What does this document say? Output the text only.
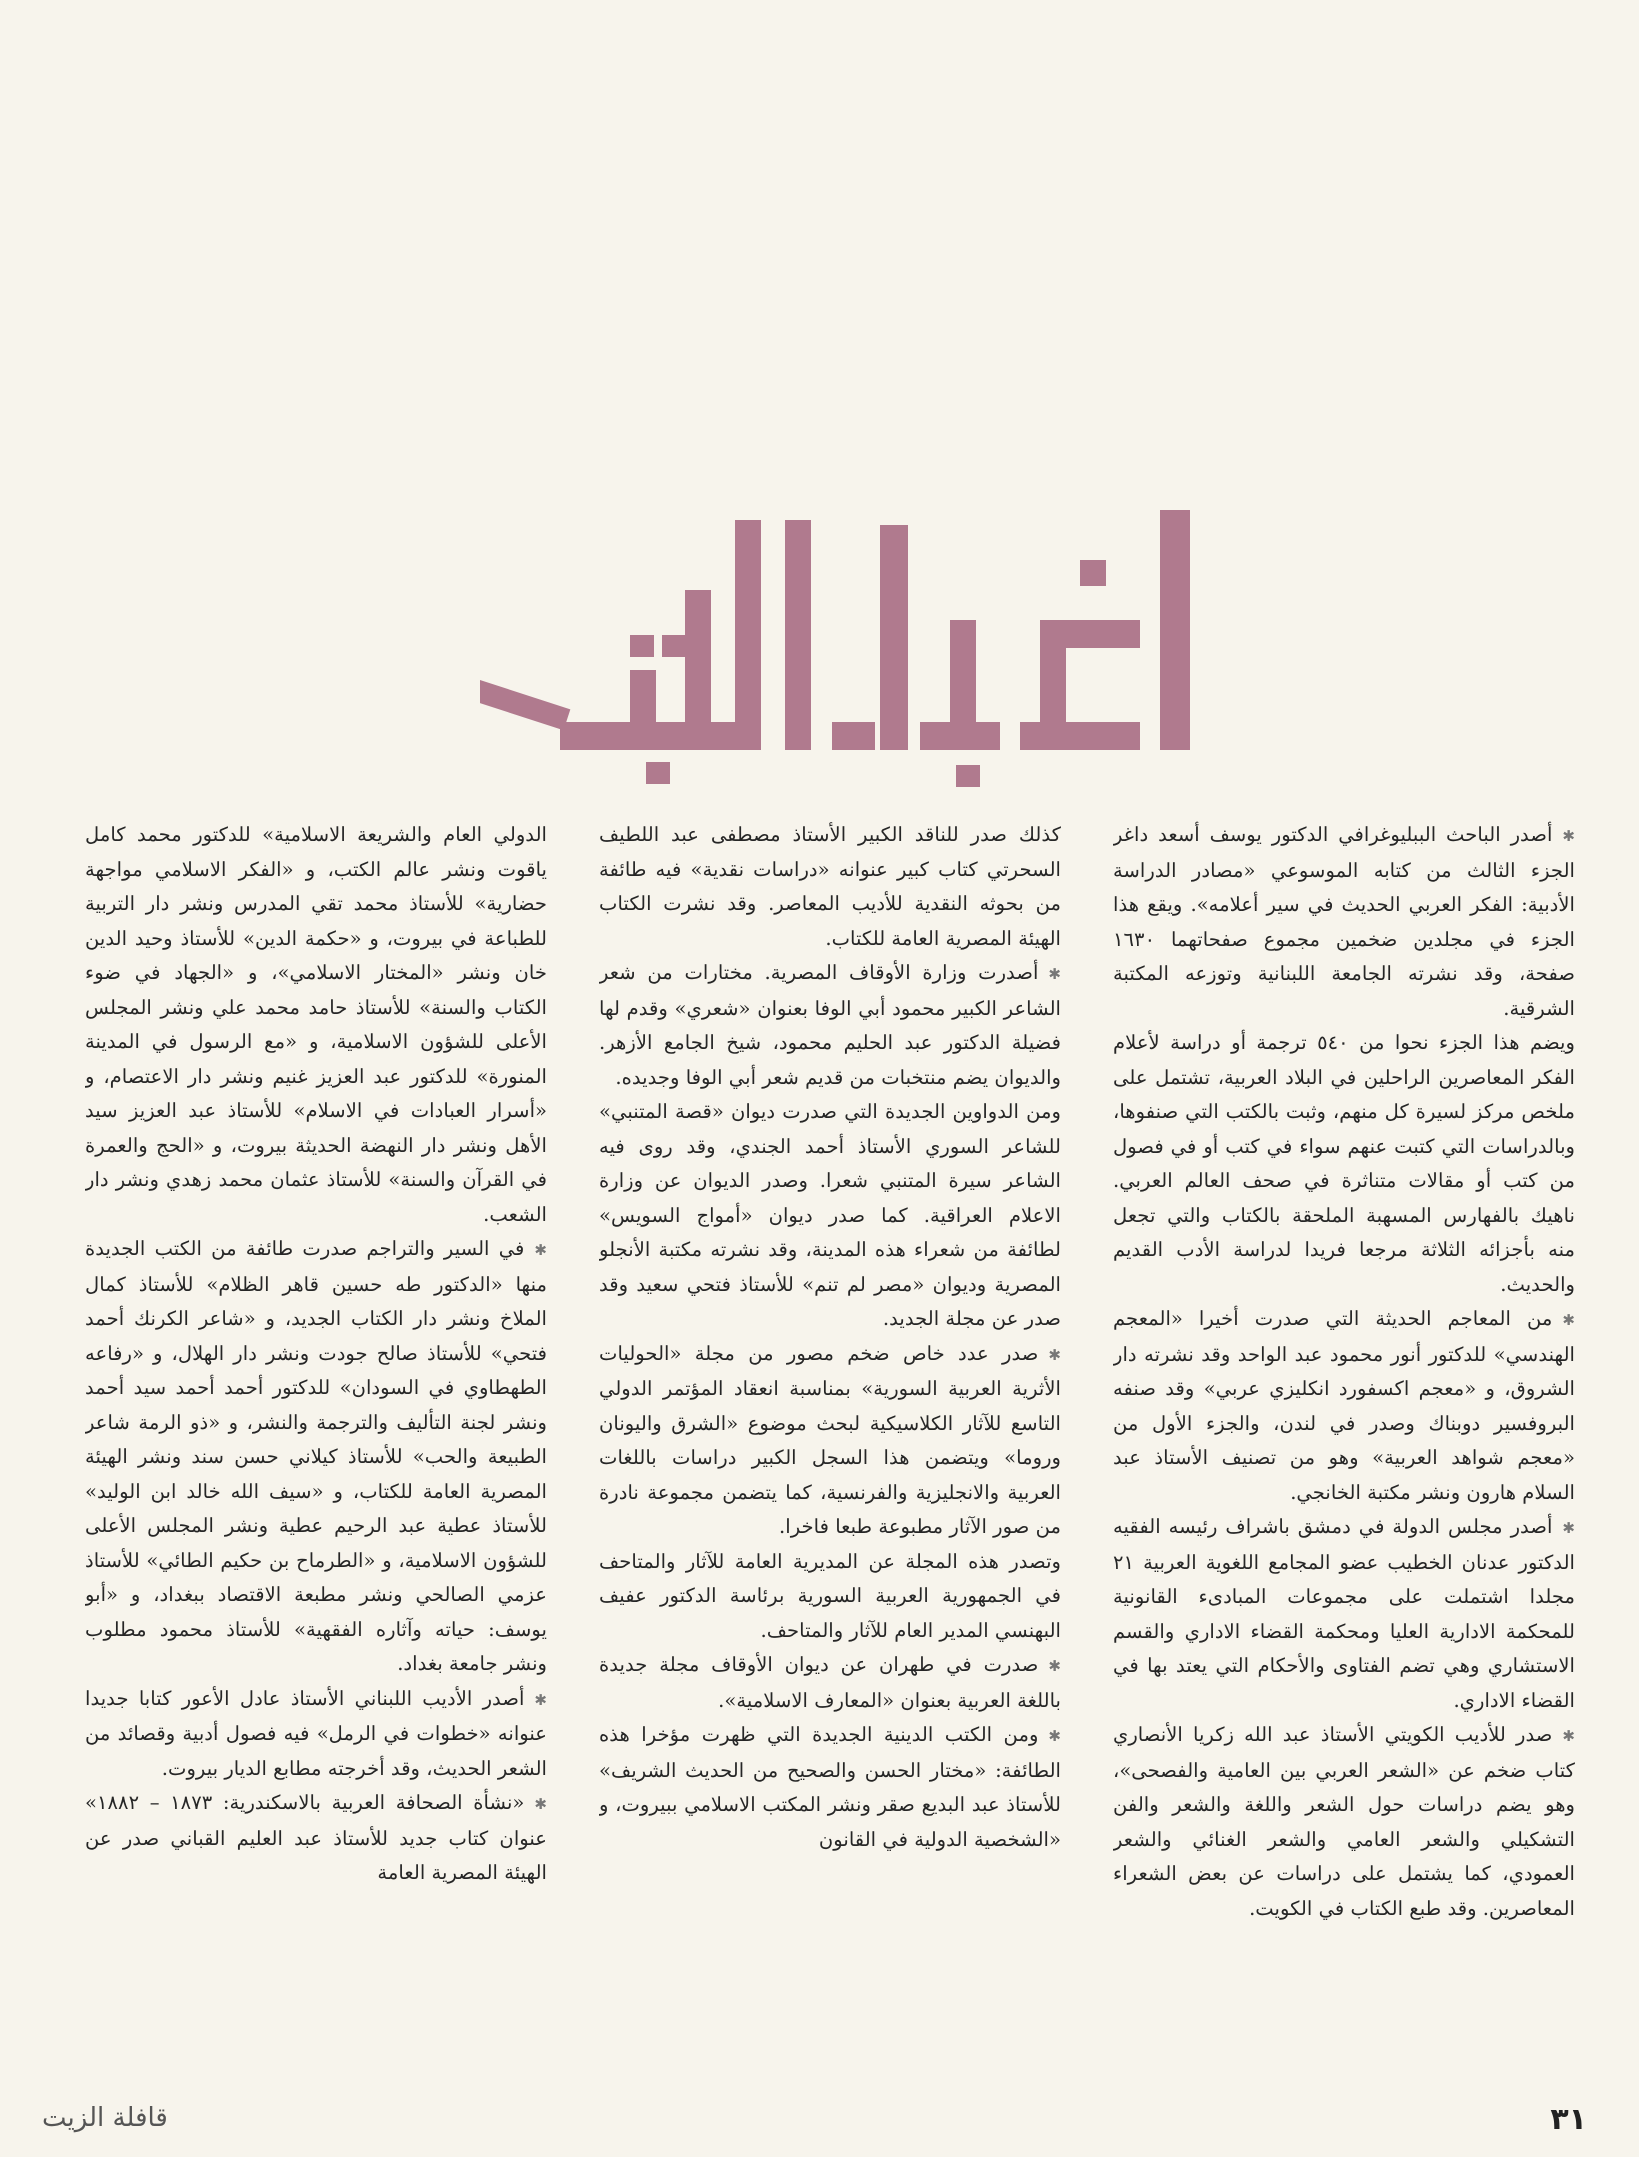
✱أصدر الباحث الببليوغرافي الدكتور يوسف أسعد داغر الجزء الثالث من كتابه الموسوعي «مصادر الدراسة الأدبية: الفكر العربي الحديث في سير أعلامه». ويقع هذا الجزء في مجلدين ضخمين مجموع صفحاتهما ١٦٣٠ صفحة، وقد نشرته الجامعة اللبنانية وتوزعه المكتبة الشرقية.

ويضم هذا الجزء نحوا من ٥٤٠ ترجمة أو دراسة لأعلام الفكر المعاصرين الراحلين في البلاد العربية، تشتمل على ملخص مركز لسيرة كل منهم، وثبت بالكتب التي صنفوها، وبالدراسات التي كتبت عنهم سواء في كتب أو في فصول من كتب أو مقالات متناثرة في صحف العالم العربي. ناهيك بالفهارس المسهبة الملحقة بالكتاب والتي تجعل منه بأجزائه الثلاثة مرجعا فريدا لدراسة الأدب القديم والحديث.

✱من المعاجم الحديثة التي صدرت أخيرا «المعجم الهندسي» للدكتور أنور محمود عبد الواحد وقد نشرته دار الشروق، و «معجم اكسفورد انكليزي عربي» وقد صنفه البروفسير دوبناك وصدر في لندن، والجزء الأول من «معجم شواهد العربية» وهو من تصنيف الأستاذ عبد السلام هارون ونشر مكتبة الخانجي.

✱أصدر مجلس الدولة في دمشق باشراف رئيسه الفقيه الدكتور عدنان الخطيب عضو المجامع اللغوية العربية ٢١ مجلدا اشتملت على مجموعات المبادىء القانونية للمحكمة الادارية العليا ومحكمة القضاء الاداري والقسم الاستشاري وهي تضم الفتاوى والأحكام التي يعتد بها في القضاء الاداري.

✱صدر للأديب الكويتي الأستاذ عبد الله زكريا الأنصاري كتاب ضخم عن «الشعر العربي بين العامية والفصحى»، وهو يضم دراسات حول الشعر واللغة والشعر والفن التشكيلي والشعر العامي والشعر الغنائي والشعر العمودي، كما يشتمل على دراسات عن بعض الشعراء المعاصرين. وقد طبع الكتاب في الكويت.

كذلك صدر للناقد الكبير الأستاذ مصطفى عبد اللطيف السحرتي كتاب كبير عنوانه «دراسات نقدية» فيه طائفة من بحوثه النقدية للأديب المعاصر. وقد نشرت الكتاب الهيئة المصرية العامة للكتاب.

✱أصدرت وزارة الأوقاف المصرية. مختارات من شعر الشاعر الكبير محمود أبي الوفا بعنوان «شعري» وقدم لها فضيلة الدكتور عبد الحليم محمود، شيخ الجامع الأزهر. والديوان يضم منتخبات من قديم شعر أبي الوفا وجديده.

ومن الدواوين الجديدة التي صدرت ديوان «قصة المتنبي» للشاعر السوري الأستاذ أحمد الجندي، وقد روى فيه الشاعر سيرة المتنبي شعرا. وصدر الديوان عن وزارة الاعلام العراقية. كما صدر ديوان «أمواج السويس» لطائفة من شعراء هذه المدينة، وقد نشرته مكتبة الأنجلو المصرية وديوان «مصر لم تنم» للأستاذ فتحي سعيد وقد صدر عن مجلة الجديد.

✱صدر عدد خاص ضخم مصور من مجلة «الحوليات الأثرية العربية السورية» بمناسبة انعقاد المؤتمر الدولي التاسع للآثار الكلاسيكية لبحث موضوع «الشرق واليونان وروما» ويتضمن هذا السجل الكبير دراسات باللغات العربية والانجليزية والفرنسية، كما يتضمن مجموعة نادرة من صور الآثار مطبوعة طبعا فاخرا.

وتصدر هذه المجلة عن المديرية العامة للآثار والمتاحف في الجمهورية العربية السورية برئاسة الدكتور عفيف البهنسي المدير العام للآثار والمتاحف.

✱صدرت في طهران عن ديوان الأوقاف مجلة جديدة باللغة العربية بعنوان «المعارف الاسلامية».

✱ومن الكتب الدينية الجديدة التي ظهرت مؤخرا هذه الطائفة: «مختار الحسن والصحيح من الحديث الشريف» للأستاذ عبد البديع صقر ونشر المكتب الاسلامي ببيروت، و «الشخصية الدولية في القانون

الدولي العام والشريعة الاسلامية» للدكتور محمد كامل ياقوت ونشر عالم الكتب، و «الفكر الاسلامي مواجهة حضارية» للأستاذ محمد تقي المدرس ونشر دار التربية للطباعة في بيروت، و «حكمة الدين» للأستاذ وحيد الدين خان ونشر «المختار الاسلامي»، و «الجهاد في ضوء الكتاب والسنة» للأستاذ حامد محمد علي ونشر المجلس الأعلى للشؤون الاسلامية، و «مع الرسول في المدينة المنورة» للدكتور عبد العزيز غنيم ونشر دار الاعتصام، و «أسرار العبادات في الاسلام» للأستاذ عبد العزيز سيد الأهل ونشر دار النهضة الحديثة بيروت، و «الحج والعمرة في القرآن والسنة» للأستاذ عثمان محمد زهدي ونشر دار الشعب.

✱في السير والتراجم صدرت طائفة من الكتب الجديدة منها «الدكتور طه حسين قاهر الظلام» للأستاذ كمال الملاخ ونشر دار الكتاب الجديد، و «شاعر الكرنك أحمد فتحي» للأستاذ صالح جودت ونشر دار الهلال، و «رفاعه الطهطاوي في السودان» للدكتور أحمد أحمد سيد أحمد ونشر لجنة التأليف والترجمة والنشر، و «ذو الرمة شاعر الطبيعة والحب» للأستاذ كيلاني حسن سند ونشر الهيئة المصرية العامة للكتاب، و «سيف الله خالد ابن الوليد» للأستاذ عطية عبد الرحيم عطية ونشر المجلس الأعلى للشؤون الاسلامية، و «الطرماح بن حكيم الطائي» للأستاذ عزمي الصالحي ونشر مطبعة الاقتصاد ببغداد، و «أبو يوسف: حياته وآثاره الفقهية» للأستاذ محمود مطلوب ونشر جامعة بغداد.

✱أصدر الأديب اللبناني الأستاذ عادل الأعور كتابا جديدا عنوانه «خطوات في الرمل» فيه فصول أدبية وقصائد من الشعر الحديث، وقد أخرجته مطابع الديار بيروت.

✱«نشأة الصحافة العربية بالاسكندرية: ١٨٧٣ – ١٨٨٢» عنوان كتاب جديد للأستاذ عبد العليم القباني صدر عن الهيئة المصرية العامة

٣١
قافلة الزيت
